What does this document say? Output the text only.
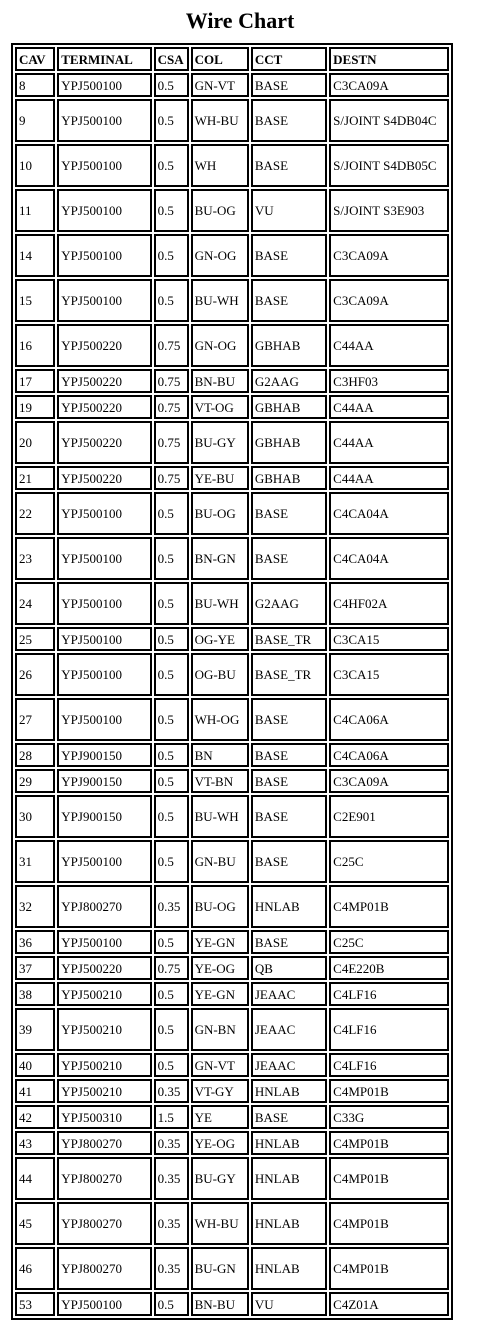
Wire Chart
CAV	TERMINAL	CSA	COL	CCT	DESTN
8	YPJ500100	0.5	GN-VT	BASE	C3CA09A
9	YPJ500100	0.5	WH-BU	BASE	S/JOINT S4DB04C
10	YPJ500100	0.5	WH	BASE	S/JOINT S4DB05C
11	YPJ500100	0.5	BU-OG	VU	S/JOINT S3E903
14	YPJ500100	0.5	GN-OG	BASE	C3CA09A
15	YPJ500100	0.5	BU-WH	BASE	C3CA09A
16	YPJ500220	0.75	GN-OG	GBHAB	C44AA
17	YPJ500220	0.75	BN-BU	G2AAG	C3HF03
19	YPJ500220	0.75	VT-OG	GBHAB	C44AA
20	YPJ500220	0.75	BU-GY	GBHAB	C44AA
21	YPJ500220	0.75	YE-BU	GBHAB	C44AA
22	YPJ500100	0.5	BU-OG	BASE	C4CA04A
23	YPJ500100	0.5	BN-GN	BASE	C4CA04A
24	YPJ500100	0.5	BU-WH	G2AAG	C4HF02A
25	YPJ500100	0.5	OG-YE	BASE_TR	C3CA15
26	YPJ500100	0.5	OG-BU	BASE_TR	C3CA15
27	YPJ500100	0.5	WH-OG	BASE	C4CA06A
28	YPJ900150	0.5	BN	BASE	C4CA06A
29	YPJ900150	0.5	VT-BN	BASE	C3CA09A
30	YPJ900150	0.5	BU-WH	BASE	C2E901
31	YPJ500100	0.5	GN-BU	BASE	C25C
32	YPJ800270	0.35	BU-OG	HNLAB	C4MP01B
36	YPJ500100	0.5	YE-GN	BASE	C25C
37	YPJ500220	0.75	YE-OG	QB	C4E220B
38	YPJ500210	0.5	YE-GN	JEAAC	C4LF16
39	YPJ500210	0.5	GN-BN	JEAAC	C4LF16
40	YPJ500210	0.5	GN-VT	JEAAC	C4LF16
41	YPJ500210	0.35	VT-GY	HNLAB	C4MP01B
42	YPJ500310	1.5	YE	BASE	C33G
43	YPJ800270	0.35	YE-OG	HNLAB	C4MP01B
44	YPJ800270	0.35	BU-GY	HNLAB	C4MP01B
45	YPJ800270	0.35	WH-BU	HNLAB	C4MP01B
46	YPJ800270	0.35	BU-GN	HNLAB	C4MP01B
53	YPJ500100	0.5	BN-BU	VU	C4Z01A
